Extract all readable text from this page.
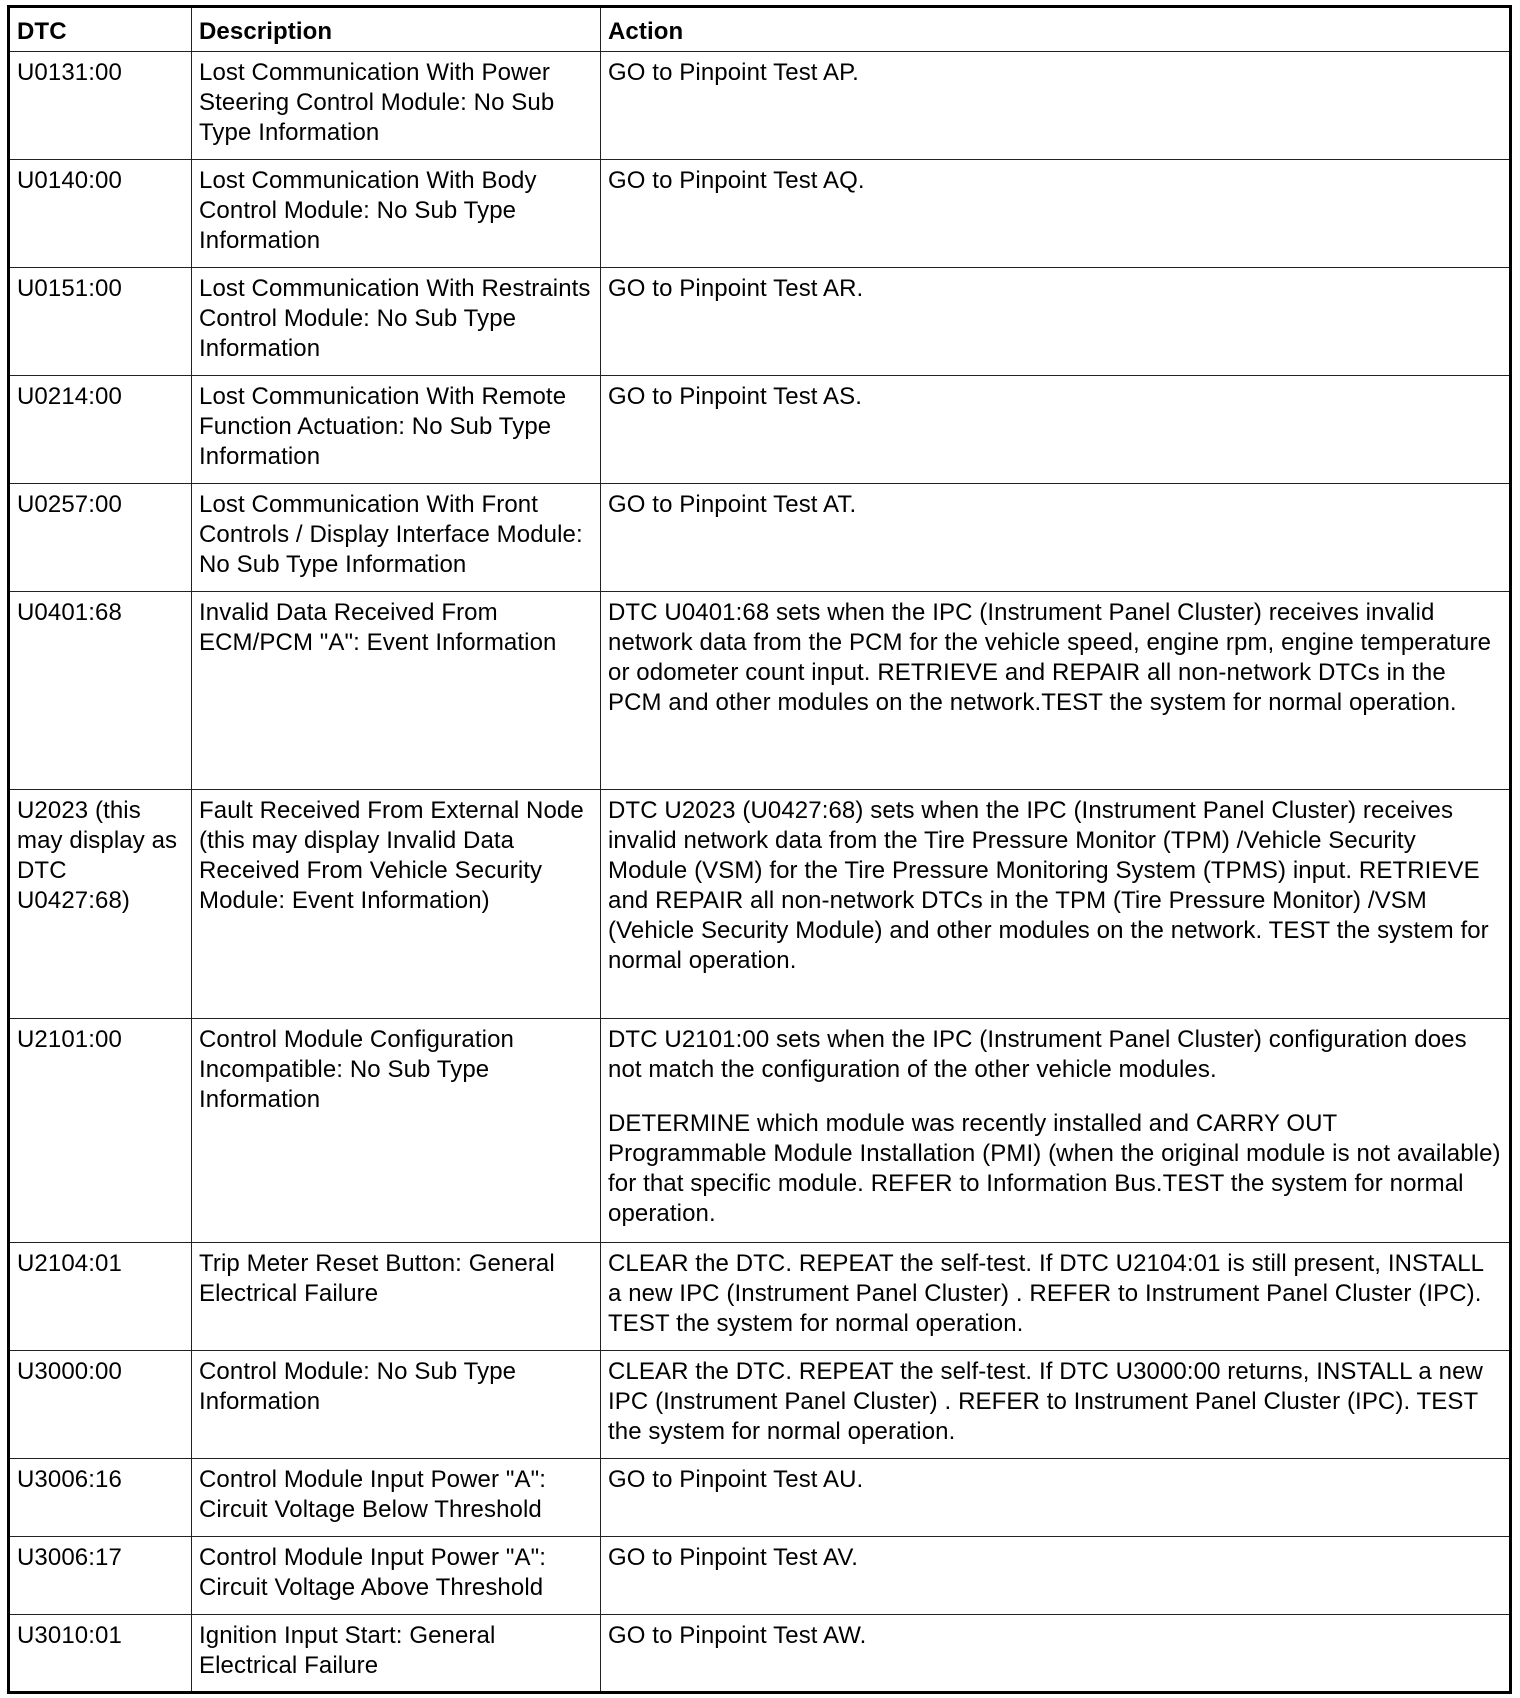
DTC	Description	Action
U0131:00	Lost Communication With Power Steering Control Module: No Sub Type Information	GO to Pinpoint Test AP.

U0140:00	Lost Communication With Body Control Module: No Sub Type Information	GO to Pinpoint Test AQ.

U0151:00	Lost Communication With Restraints Control Module: No Sub Type Information	GO to Pinpoint Test AR.

U0214:00	Lost Communication With Remote Function Actuation: No Sub Type Information	GO to Pinpoint Test AS.

U0257:00	Lost Communication With Front Controls / Display Interface Module: No Sub Type Information	GO to Pinpoint Test AT.

U0401:68	Invalid Data Received From ECM/PCM "A": Event Information	DTC U0401:68 sets when the IPC (Instrument Panel Cluster) receives invalid network data from the PCM for the vehicle speed, engine rpm, engine temperature or odometer count input. RETRIEVE and REPAIR all non-network DTCs in the PCM and other modules on the network.TEST the system for normal operation.

U2023 (this may display as DTC U0427:68)	Fault Received From External Node (this may display Invalid Data Received From Vehicle Security Module: Event Information)	DTC U2023 (U0427:68) sets when the IPC (Instrument Panel Cluster) receives invalid network data from the Tire Pressure Monitor (TPM) /Vehicle Security Module (VSM) for the Tire Pressure Monitoring System (TPMS) input. RETRIEVE and REPAIR all non-network DTCs in the TPM (Tire Pressure Monitor) /VSM (Vehicle Security Module) and other modules on the network. TEST the system for normal operation.

U2101:00	Control Module Configuration Incompatible: No Sub Type Information	DTC U2101:00 sets when the IPC (Instrument Panel Cluster) configuration does not match the configuration of the other vehicle modules.

DETERMINE which module was recently installed and CARRY OUT Programmable Module Installation (PMI) (when the original module is not available) for that specific module. REFER to Information Bus.TEST the system for normal operation.

U2104:01	Trip Meter Reset Button: General Electrical Failure	CLEAR the DTC. REPEAT the self-test. If DTC U2104:01 is still present, INSTALL a new IPC (Instrument Panel Cluster) . REFER to Instrument Panel Cluster (IPC). TEST the system for normal operation.

U3000:00	Control Module: No Sub Type Information	CLEAR the DTC. REPEAT the self-test. If DTC U3000:00 returns, INSTALL a new IPC (Instrument Panel Cluster) . REFER to Instrument Panel Cluster (IPC). TEST the system for normal operation.

U3006:16	Control Module Input Power "A": Circuit Voltage Below Threshold	GO to Pinpoint Test AU.

U3006:17	Control Module Input Power "A": Circuit Voltage Above Threshold	GO to Pinpoint Test AV.

U3010:01	Ignition Input Start: General Electrical Failure	GO to Pinpoint Test AW.
